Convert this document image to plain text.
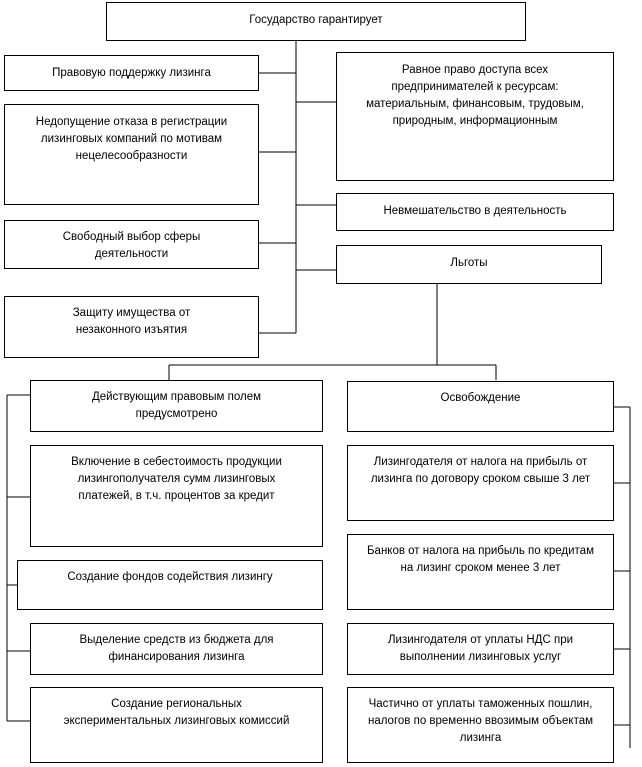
Государство гарантирует
Правовую поддержку лизинга
Недопущение отказа в регистрации лизинговых компаний по мотивам нецелесообразности
Свободный выбор сферы деятельности
Защиту имущества от незаконного изъятия
Равное право доступа всех предпринимателей к ресурсам: материальным, финансовым, трудовым, природным, информационным
Невмешательство в деятельность
Льготы
Действующим правовым полем предусмотрено
Включение в себестоимость продукции лизингополучателя сумм лизинговых платежей, в т.ч. процентов за кредит
Создание фондов содействия лизингу
Выделение средств из бюджета для финансирования лизинга
Создание региональных экспериментальных лизинговых комиссий
Освобождение
Лизингодателя от налога на прибыль от лизинга по договору сроком свыше 3 лет
Банков от налога на прибыль по кредитам на лизинг сроком менее 3 лет
Лизингодателя от уплаты НДС при выполнении лизинговых услуг
Частично от уплаты таможенных пошлин, налогов по временно ввозимым объектам лизинга
